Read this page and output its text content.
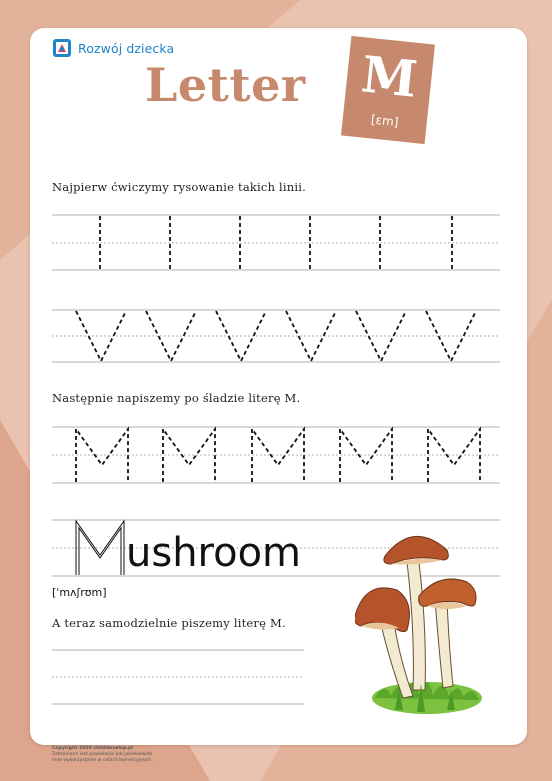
Rozwój dziecka
Letter M
[ɛm]
Najpierw ćwiczymy rysowanie takich linii.
Następnie napiszemy po śladzie literę M.
A teraz samodzielnie piszemy literę M.
ushroom
[ˈmʌʃrʊm]
Copyright 2020 childdevelop.pl
Zabronione jest powielanie lub jakiekolwiek
inne wykorzystanie w celach komercyjnych.
